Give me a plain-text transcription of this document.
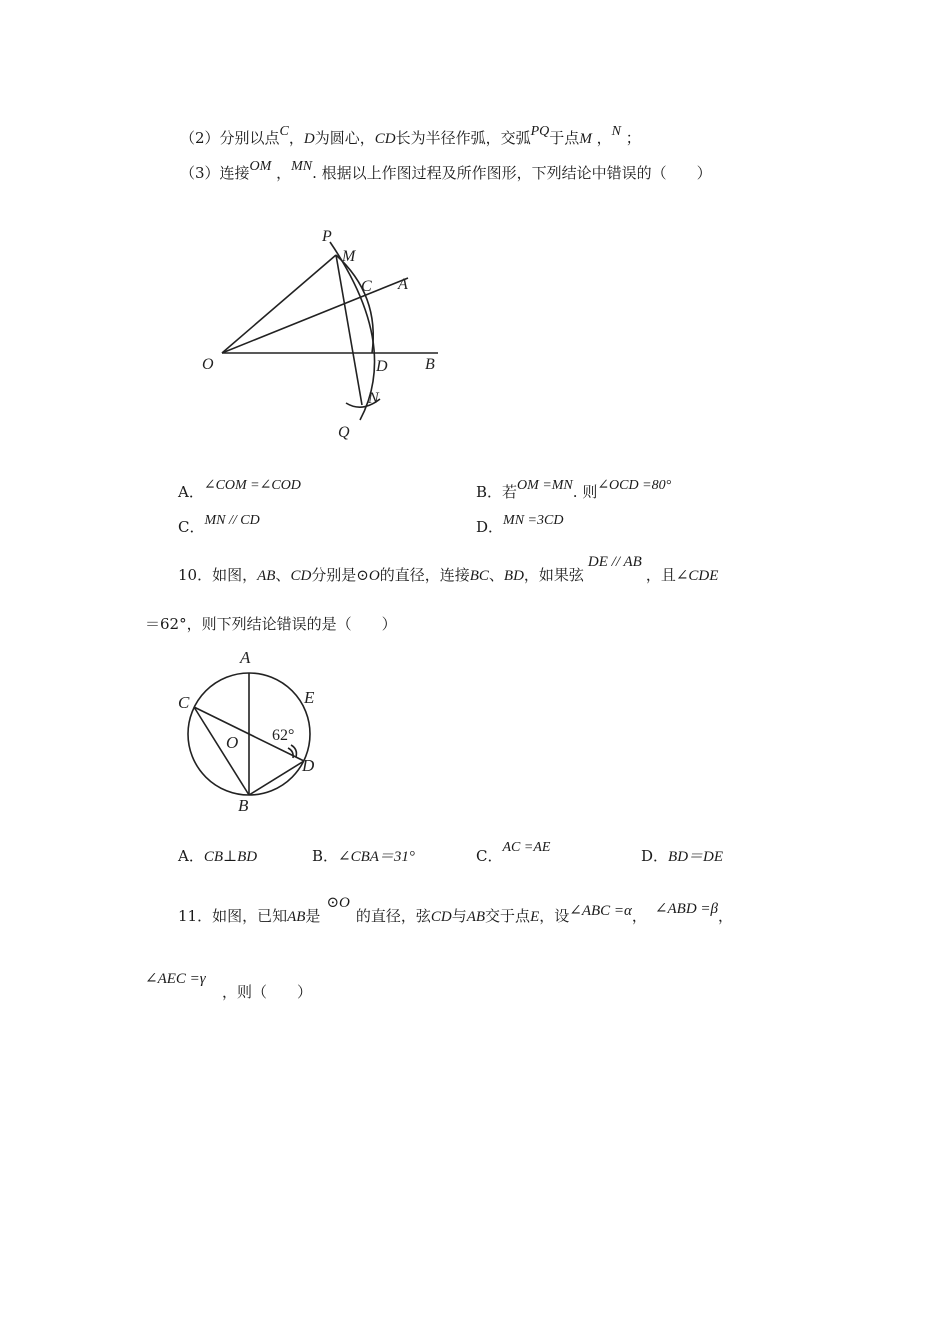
（2）分别以点C，D为圆心，CD长为半径作弧，交弧PQ于点M ，N ；
（3）连接OM ，MN. 根据以上作图过程及所作图形，下列结论中错误的（　　）
P
M
C A
O	D B
N
Q
A．∠COM =∠COD	B．若OM =MN. 则∠OCD =80°
C．MN // CD	D．MN =3CD
10．如图，AB、CD分别是⊙O的直径，连接BC、BD，如果弦DE // AB，且∠CDE
＝62°，则下列结论错误的是（　　）
A
C	E
O 62°
D
B
A．CB⊥BD	B．∠CBA＝31°	C．AC =AE	D．BD＝DE
11．如图，已知AB是⊙O的直径，弦CD与AB交于点E，设∠ABC =α， ∠ABD =β，
∠AEC =γ
，则（　　）
